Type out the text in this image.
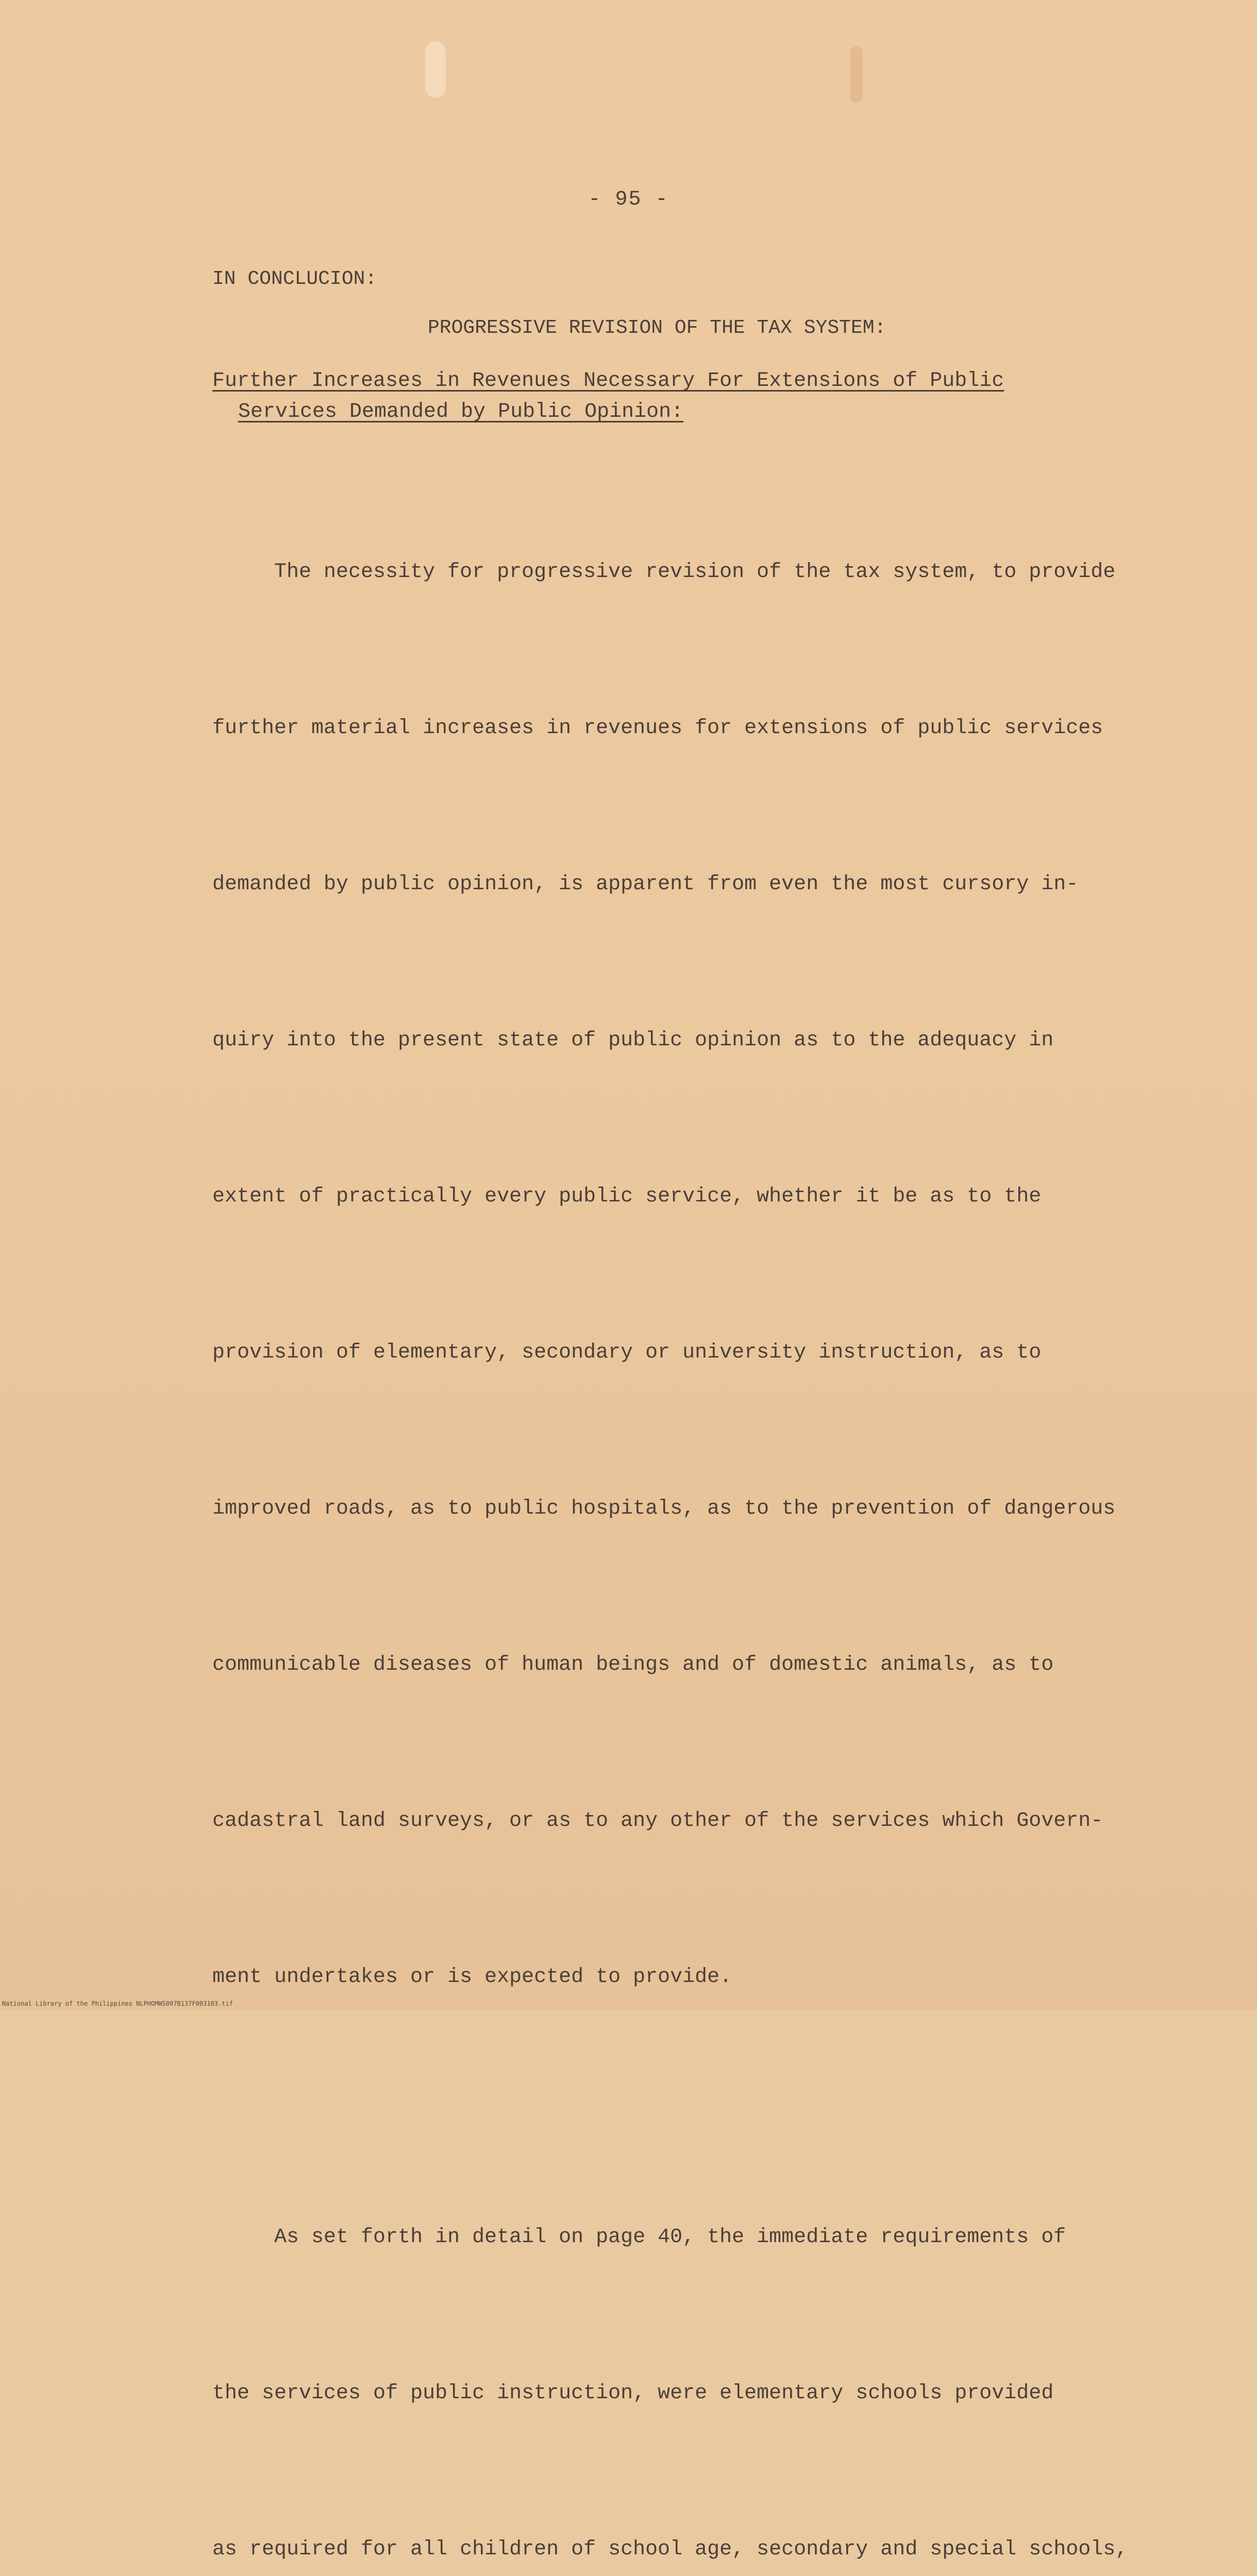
- 95 -
IN CONCLUCION:
PROGRESSIVE REVISION OF THE TAX SYSTEM:
Further Increases in Revenues Necessary For Extensions of Public
Services Demanded by Public Opinion:

The necessity for progressive revision of the tax system, to provide

further material increases in revenues for extensions of public services

demanded by public opinion, is apparent from even the most cursory in-

quiry into the present state of public opinion as to the adequacy in

extent of practically every public service, whether it be as to the

provision of elementary, secondary or university instruction, as to

improved roads, as to public hospitals, as to the prevention of dangerous

communicable diseases of human beings and of domestic animals, as to

cadastral land surveys, or as to any other of the services which Govern-

ment undertakes or is expected to provide.

As set forth in detail on page 40, the immediate requirements of

the services of public instruction, were elementary schools provided

as required for all children of school age, secondary and special schools,

National Library of the Philippines NLPHOMWS007B137F003103.tif
